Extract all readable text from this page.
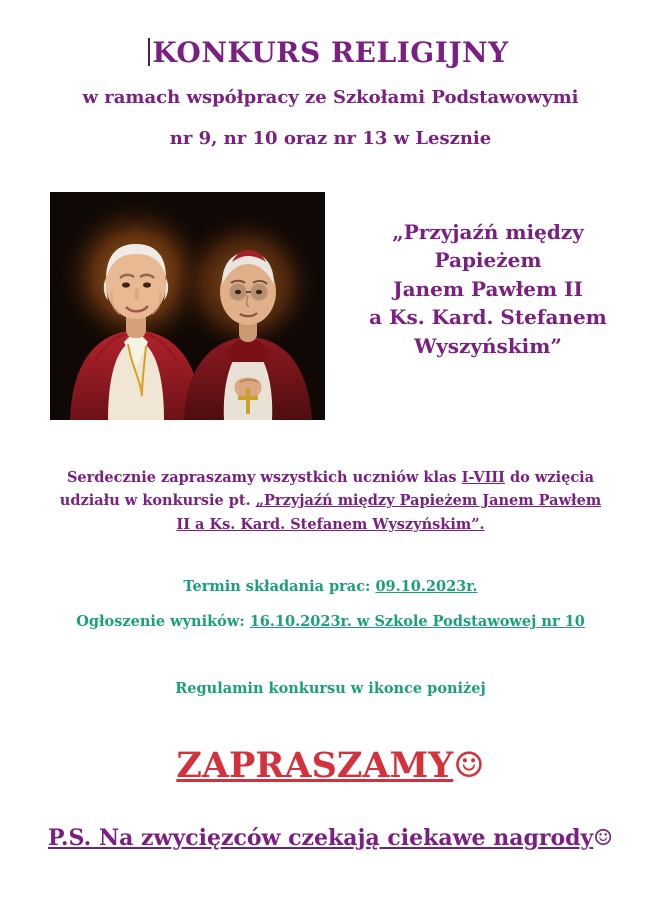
KONKURS RELIGIJNY
w ramach współpracy ze Szkołami Podstawowymi
nr 9, nr 10 oraz nr 13 w Lesznie
„Przyjaźń między
Papieżem
Janem Pawłem II
a Ks. Kard. Stefanem
Wyszyńskim”
Serdecznie zapraszamy wszystkich uczniów klas I-VIII do wzięcia udziału w konkursie pt. „Przyjaźń między Papieżem Janem Pawłem II a Ks. Kard. Stefanem Wyszyńskim”.
Termin składania prac: 09.10.2023r.
Ogłoszenie wyników: 16.10.2023r. w Szkole Podstawowej nr 10
Regulamin konkursu w ikonce poniżej
ZAPRASZAMY☺
P.S. Na zwycięzców czekają ciekawe nagrody☺
